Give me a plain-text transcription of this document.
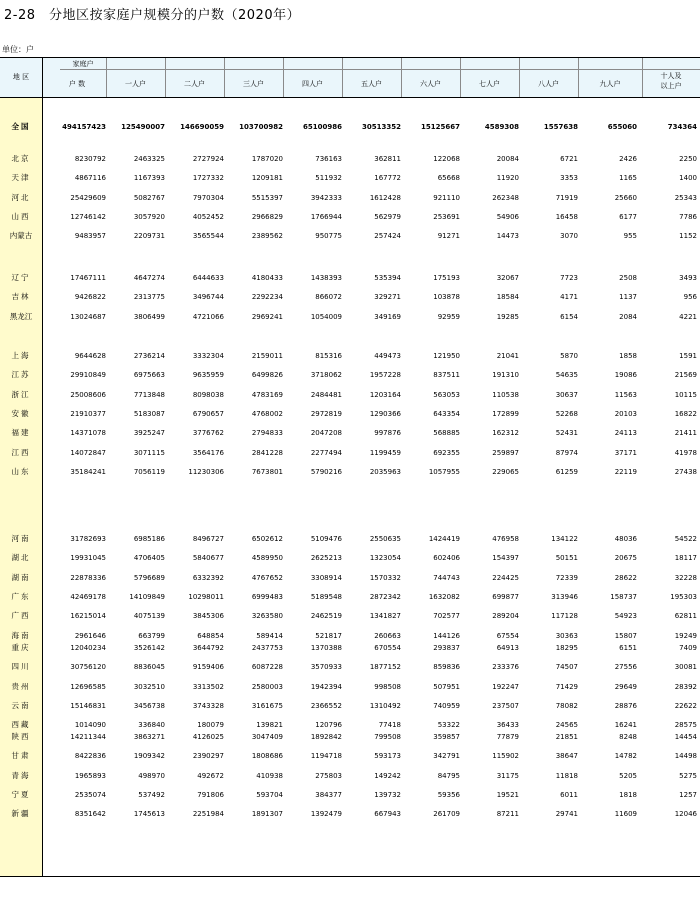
2-28　分地区按家庭户规模分的户数（2020年）
单位：户
地 区
家庭户
户 数
十人及
以上户
一人户	二人户	三人户	四人户	五人户	六人户	七人户	八人户	九人户
全国	494157423 125490007 146690059 103700982	65100986	30513352	15125667	4589308	1557638	655060	734364
北京	8230792	2463325	2727924	1787020	736163	362811	122068	20084	6721	2426	2250
天津	4867116	1167393	1727332	1209181	511932	167772	65668	11920	3353	1165	1400
河北	25429609	5082767	7970304	5515397	3942333	1612428	921110	262348	71919	25660	25343
山西	12746142	3057920	4052452	2966829	1766944	562979	253691	54906	16458	6177	7786
内蒙古	9483957	2209731	3565544	2389562	950775	257424	91271	14473	3070	955	1152
辽宁	17467111	4647274	6444633	4180433	1438393	535394	175193	32067	7723	2508	3493
吉林	9426822	2313775	3496744	2292234	866072	329271	103878	18584	4171	1137	956
黑龙江	13024687	3806499	4721066	2969241	1054009	349169	92959	19285	6154	2084	4221
上海	9644628	2736214	3332304	2159011	815316	449473	121950	21041	5870	1858	1591
江苏	29910849	6975663	9635959	6499826	3718062	1957228	837511	191310	54635	19086	21569
浙江	25008606	7713848	8098038	4783169	2484481	1203164	563053	110538	30637	11563	10115
安徽	21910377	5183087	6790657	4768002	2972819	1290366	643354	172899	52268	20103	16822
福建	14371078	3925247	3776762	2794833	2047208	997876	568885	162312	52431	24113	21411
江西	14072847	3071115	3564176	2841228	2277494	1199459	692355	259897	87974	37171	41978
山东	35184241	7056119	11230306	7673801	5790216	2035963	1057955	229065	61259	22119	27438
河南	31782693	6985186	8496727	6502612	5109476	2550635	1424419	476958	134122	48036	54522
湖北	19931045	4706405	5840677	4589950	2625213	1323054	602406	154397	50151	20675	18117
湖南	22878336	5796689	6332392	4767652	3308914	1570332	744743	224425	72339	28622	32228
广东	42469178	14109849	10298011	6999483	5189548	2872342	1632082	699877	313946	158737	195303
广西	16215014	4075139	3845306	3263580	2462519	1341827	702577	289204	117128	54923	62811
海南	2961646	663799	648854	589414	521817	260663	144126	67554	30363	15807	19249
重庆	12040234	3526142	3644792	2437753	1370388	670554	293837	64913	18295	6151	7409
四川	30756120	8836045	9159406	6087228	3570933	1877152	859836	233376	74507	27556	30081
贵州	12696585	3032510	3313502	2580003	1942394	998508	507951	192247	71429	29649	28392
云南	15146831	3456738	3743328	3161675	2366552	1310492	740959	237507	78082	28876	22622
西藏	1014090	336840	180079	139821	120796	77418	53322	36433	24565	16241	28575
陕西	14211344	3863271	4126025	3047409	1892842	799508	359857	77879	21851	8248	14454
甘肃	8422836	1909342	2390297	1808686	1194718	593173	342791	115902	38647	14782	14498
青海	1965893	498970	492672	410938	275803	149242	84795	31175	11818	5205	5275
宁夏	2535074	537492	791806	593704	384377	139732	59356	19521	6011	1818	1257
新疆	8351642	1745613	2251984	1891307	1392479	667943	261709	87211	29741	11609	12046
